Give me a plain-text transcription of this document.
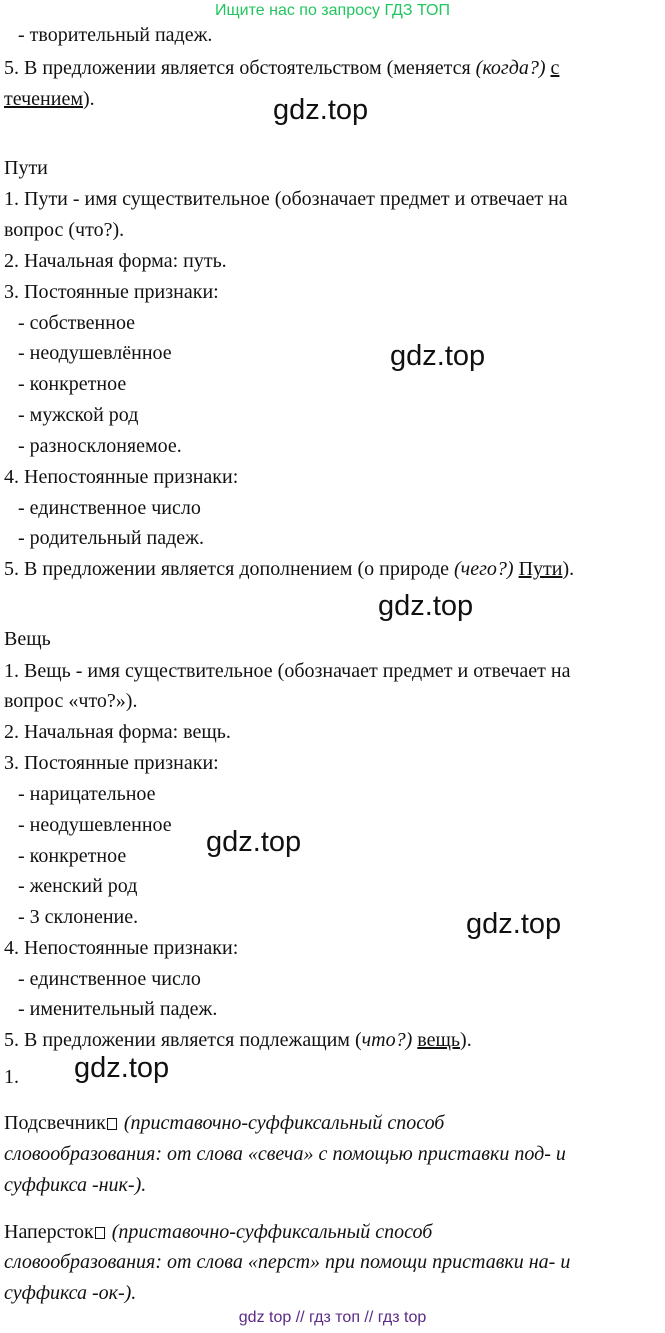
Ищите нас по запросу ГДЗ ТОП
- творительный падеж.
5. В предложении является обстоятельством (меняется (когда?) с
течением).	gdz.top
Пути
1. Пути - имя существительное (обозначает предмет и отвечает на
вопрос (что?).
2. Начальная форма: путь.
3. Постоянные признаки:
- собственное
- неодушевлённое
- конкретное
- мужской род
- разносклоняемое.
4. Непостоянные признаки:
- единственное число
- родительный падеж.
5. В предложении является дополнением (о природе (чего?) Пути).
gdz.top
gdz.top
Вещь
1. Вещь - имя существительное (обозначает предмет и отвечает на
вопрос «что?»).
2. Начальная форма: вещь.
3. Постоянные признаки:
- нарицательное
- неодушевленное
- конкретное
- женский род
- 3 склонение.
4. Непостоянные признаки:
- единственное число
- именительный падеж.
5. В предложении является подлежащим (что?) вещь).
gdz.top
gdz.top
1. gdz.top
Подсвечник (приставочно-суффиксальный способ
словообразования: от слова «свеча» с помощью приставки под- и
суффикса -ник-).
Наперсток (приставочно-суффиксальный способ
словообразования: от слова «перст» при помощи приставки на- и
суффикса -ок-).
gdz top // гдз топ // гдз top
